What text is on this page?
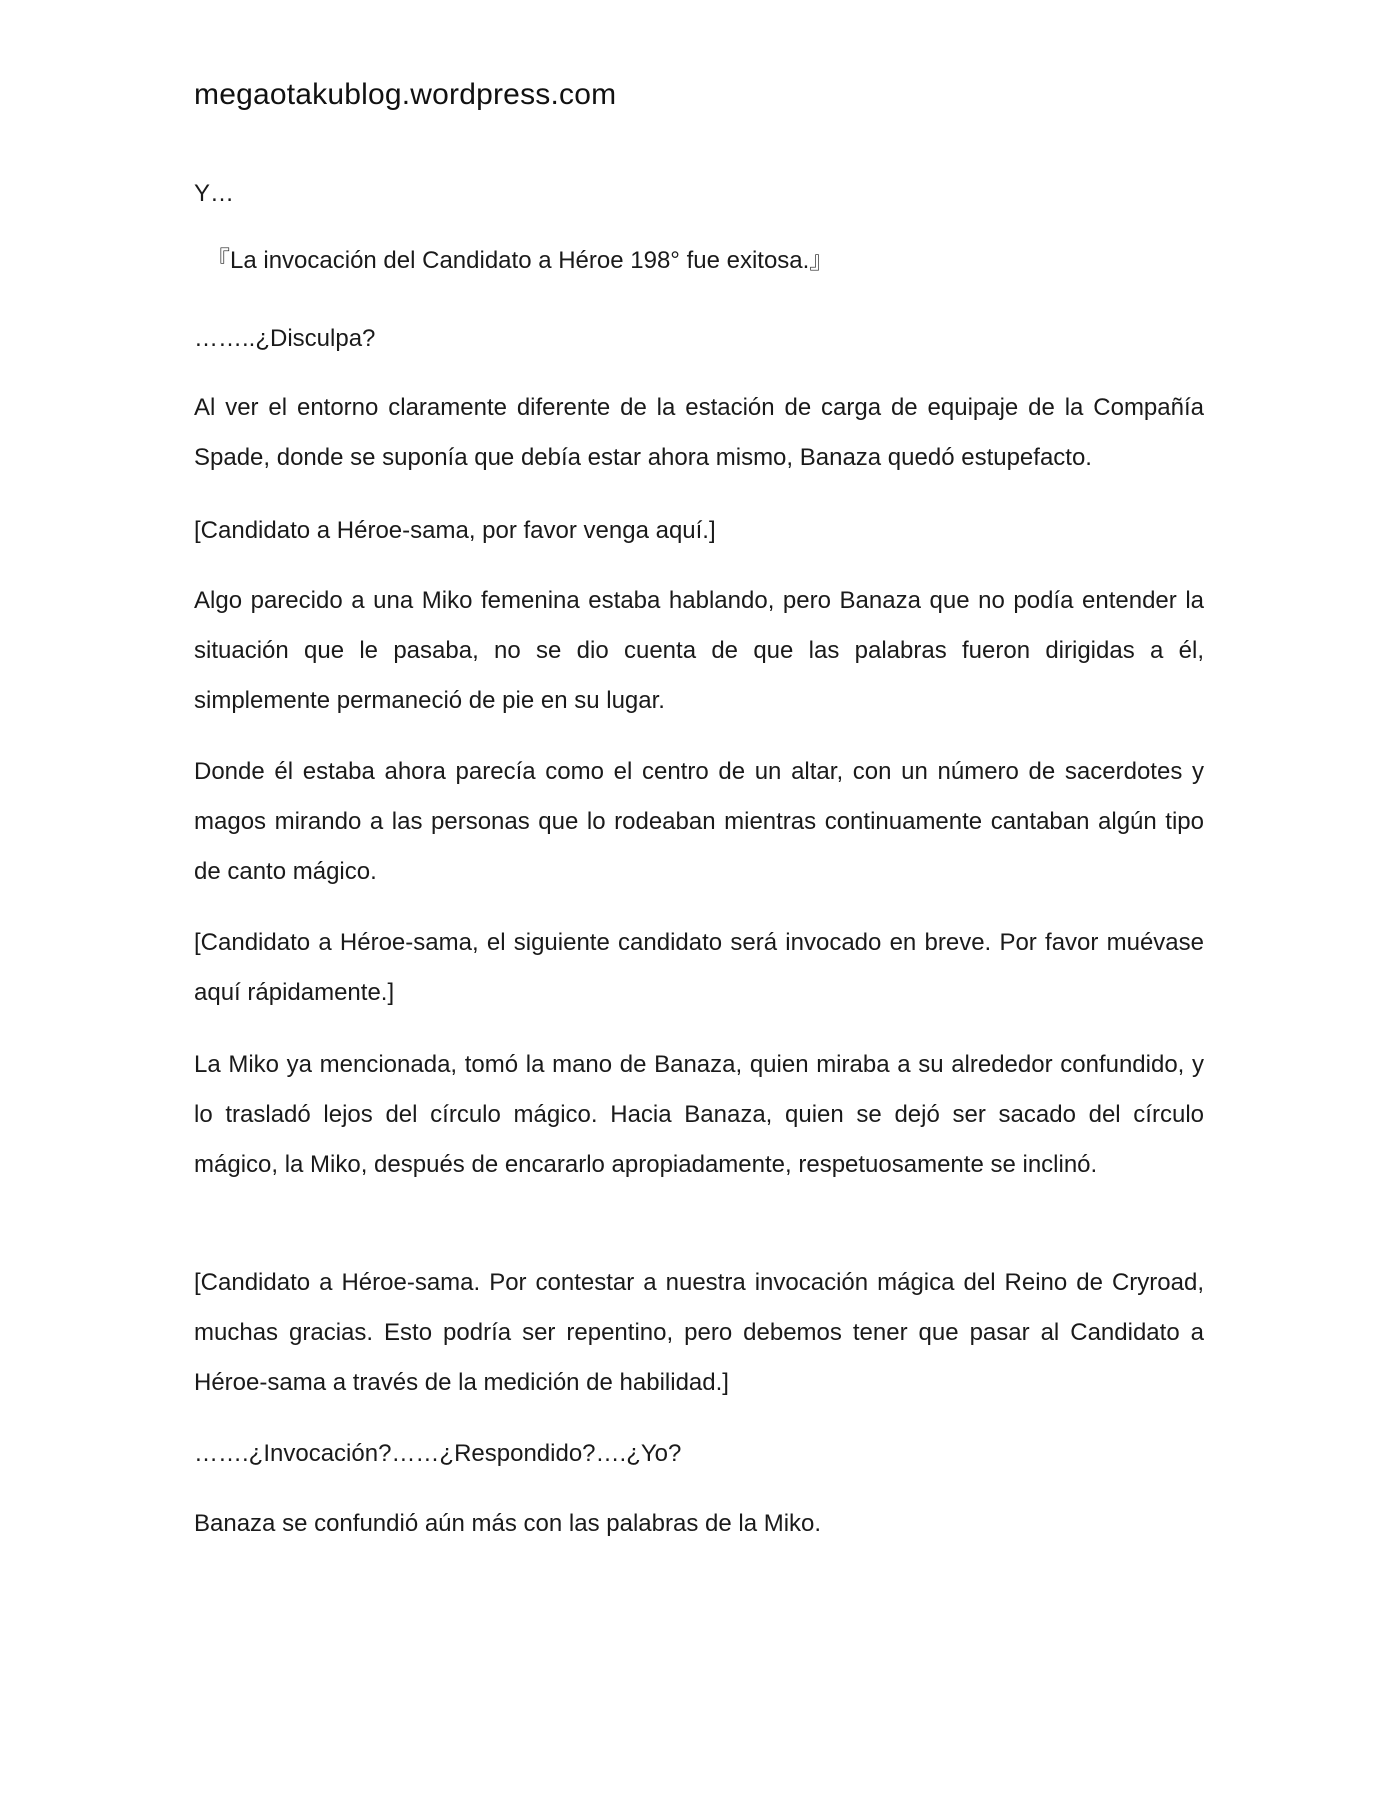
megaotakublog.wordpress.com

Y…

『La invocación del Candidato a Héroe 198° fue exitosa.』

……..¿Disculpa?

Al ver el entorno claramente diferente de la estación de carga de equipaje de la Compañía Spade, donde se suponía que debía estar ahora mismo, Banaza quedó estupefacto.

[Candidato a Héroe-sama, por favor venga aquí.]

Algo parecido a una Miko femenina estaba hablando, pero Banaza que no podía entender la situación que le pasaba, no se dio cuenta de que las palabras fueron dirigidas a él, simplemente permaneció de pie en su lugar.

Donde él estaba ahora parecía como el centro de un altar, con un número de sacerdotes y magos mirando a las personas que lo rodeaban mientras continuamente cantaban algún tipo de canto mágico.

[Candidato a Héroe-sama, el siguiente candidato será invocado en breve. Por favor muévase aquí rápidamente.]

La Miko ya mencionada, tomó la mano de Banaza, quien miraba a su alrededor confundido, y lo trasladó lejos del círculo mágico. Hacia Banaza, quien se dejó ser sacado del círculo mágico, la Miko, después de encararlo apropiadamente, respetuosamente se inclinó.

[Candidato a Héroe-sama. Por contestar a nuestra invocación mágica del Reino de Cryroad, muchas gracias. Esto podría ser repentino, pero debemos tener que pasar al Candidato a Héroe-sama a través de la medición de habilidad.]

…….¿Invocación?……¿Respondido?….¿Yo?

Banaza se confundió aún más con las palabras de la Miko.
